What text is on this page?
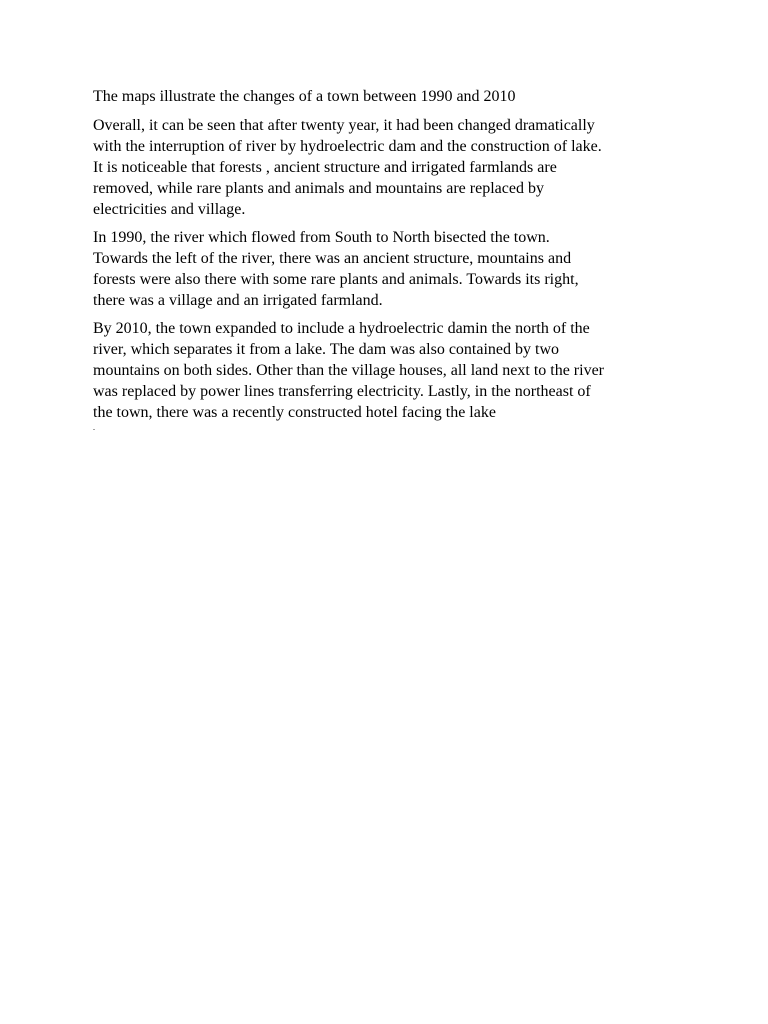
The maps illustrate the changes of a town between 1990 and 2010

Overall, it can be seen that after twenty year, it had been changed dramatically
with the interruption of river by hydroelectric dam and the construction of lake.
It is noticeable that forests , ancient structure and irrigated farmlands are
removed, while rare plants and animals and mountains are replaced by
electricities and village.

In 1990, the river which flowed from South to North bisected the town.
Towards the left of the river, there was an ancient structure, mountains and
forests were also there with some rare plants and animals. Towards its right,
there was a village and an irrigated farmland.

By 2010, the town expanded to include a hydroelectric damin the north of the
river, which separates it from a lake. The dam was also contained by two
mountains on both sides. Other than the village houses, all land next to the river
was replaced by power lines transferring electricity. Lastly, in the northeast of
the town, there was a recently constructed hotel facing the lake
.
